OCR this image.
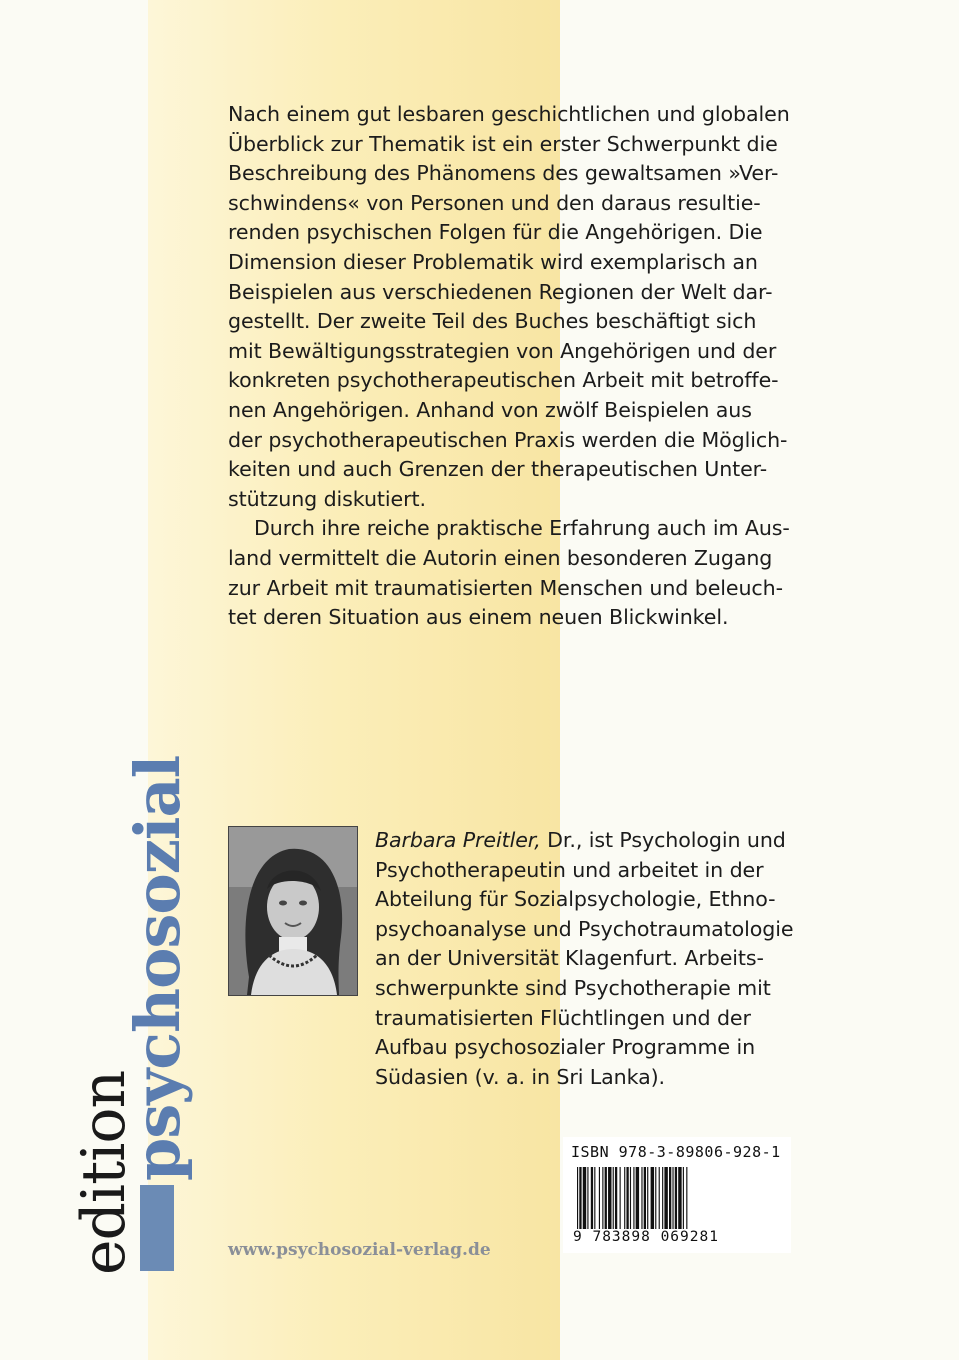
Nach einem gut lesbaren geschichtlichen und globalen
Überblick zur Thematik ist ein erster Schwerpunkt die
Beschreibung des Phänomens des gewaltsamen »Ver-
schwindens« von Personen und den daraus resultie-
renden psychischen Folgen für die Angehörigen. Die
Dimension dieser Problematik wird exemplarisch an
Beispielen aus verschiedenen Regionen der Welt dar-
gestellt. Der zweite Teil des Buches beschäftigt sich
mit Bewältigungsstrategien von Angehörigen und der
konkreten psychotherapeutischen Arbeit mit betroffe-
nen Angehörigen. Anhand von zwölf Beispielen aus
der psychotherapeutischen Praxis werden die Möglich-
keiten und auch Grenzen der therapeutischen Unter-
stützung diskutiert.
Durch ihre reiche praktische Erfahrung auch im Aus-
land vermittelt die Autorin einen besonderen Zugang
zur Arbeit mit traumatisierten Menschen und beleuch-
tet deren Situation aus einem neuen Blickwinkel.
edition
psychosozial	Barbara Preitler, Dr., ist Psychologin und
Psychotherapeutin und arbeitet in der
Abteilung für Sozialpsychologie, Ethno-
psychoanalyse und Psychotraumatologie
an der Universität Klagenfurt. Arbeits-
schwerpunkte sind Psychotherapie mit
traumatisierten Flüchtlingen und der
Aufbau psychosozialer Programme in
Südasien (v. a. in Sri Lanka).
www.psychosozial-verlag.de
ISBN 978-3-89806-928-1
9 783898 069281
